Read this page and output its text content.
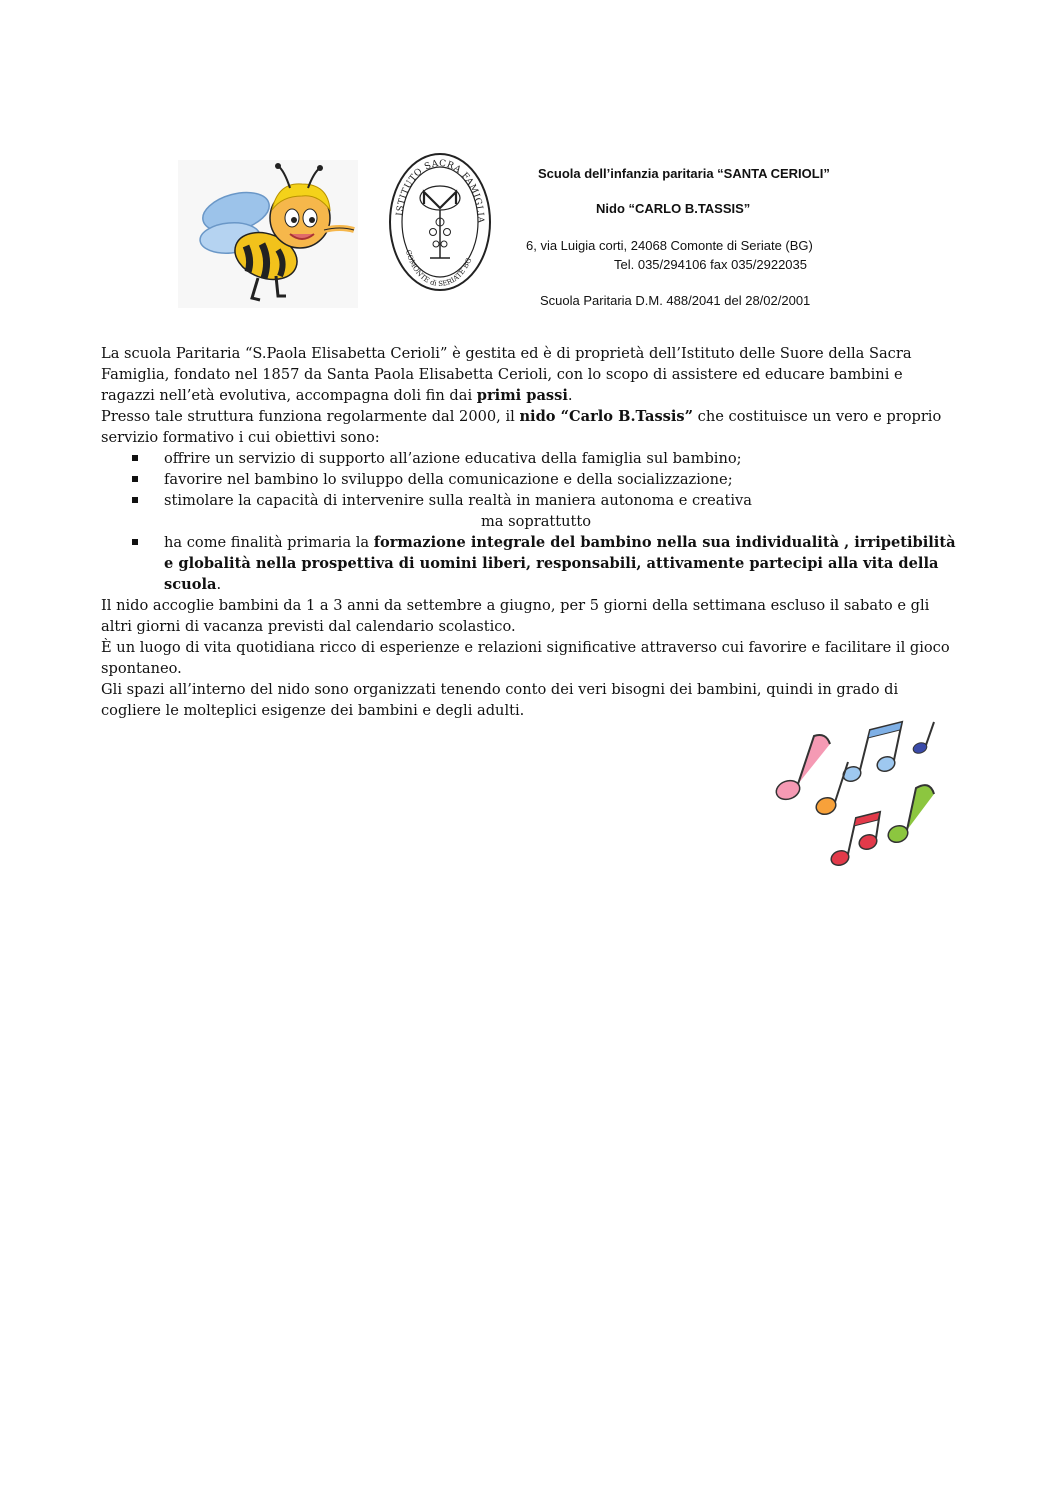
ISTITUTO SACRA FAMIGLIA
COMONTE di SERIATE BG
Scuola dell’infanzia paritaria “SANTA CERIOLI”
Nido “CARLO B.TASSIS”
6, via Luigia corti, 24068 Comonte di Seriate (BG)
Tel. 035/294106 fax 035/2922035
Scuola Paritaria D.M. 488/2041 del 28/02/2001

La scuola Paritaria “S.Paola Elisabetta Cerioli” è gestita ed è di proprietà dell’Istituto delle Suore della Sacra Famiglia, fondato nel 1857 da Santa Paola Elisabetta Cerioli, con lo scopo di assistere ed educare bambini e ragazzi nell’età evolutiva, accompagna doli fin dai primi passi.

Presso tale struttura funziona regolarmente dal 2000, il nido “Carlo B.Tassis” che costituisce un vero e proprio servizio formativo i cui obiettivi sono:

offrire un servizio di supporto all’azione educativa della famiglia sul bambino;
favorire nel bambino lo sviluppo della comunicazione e della socializzazione;
stimolare la capacità di intervenire sulla realtà in maniera autonoma e creativa

ma soprattutto

ha come finalità primaria la formazione integrale del bambino nella sua individualità , irripetibilità e globalità nella prospettiva di uomini liberi, responsabili, attivamente partecipi alla vita della scuola.

Il nido accoglie bambini da 1 a 3 anni da settembre a giugno, per 5 giorni della settimana escluso il sabato e gli altri giorni di vacanza previsti dal calendario scolastico.

È un luogo di vita quotidiana ricco di esperienze e relazioni significative attraverso cui favorire e facilitare il gioco spontaneo.

Gli spazi all’interno del nido sono organizzati tenendo conto dei veri bisogni dei bambini, quindi in grado di cogliere le molteplici esigenze dei bambini e degli adulti.
